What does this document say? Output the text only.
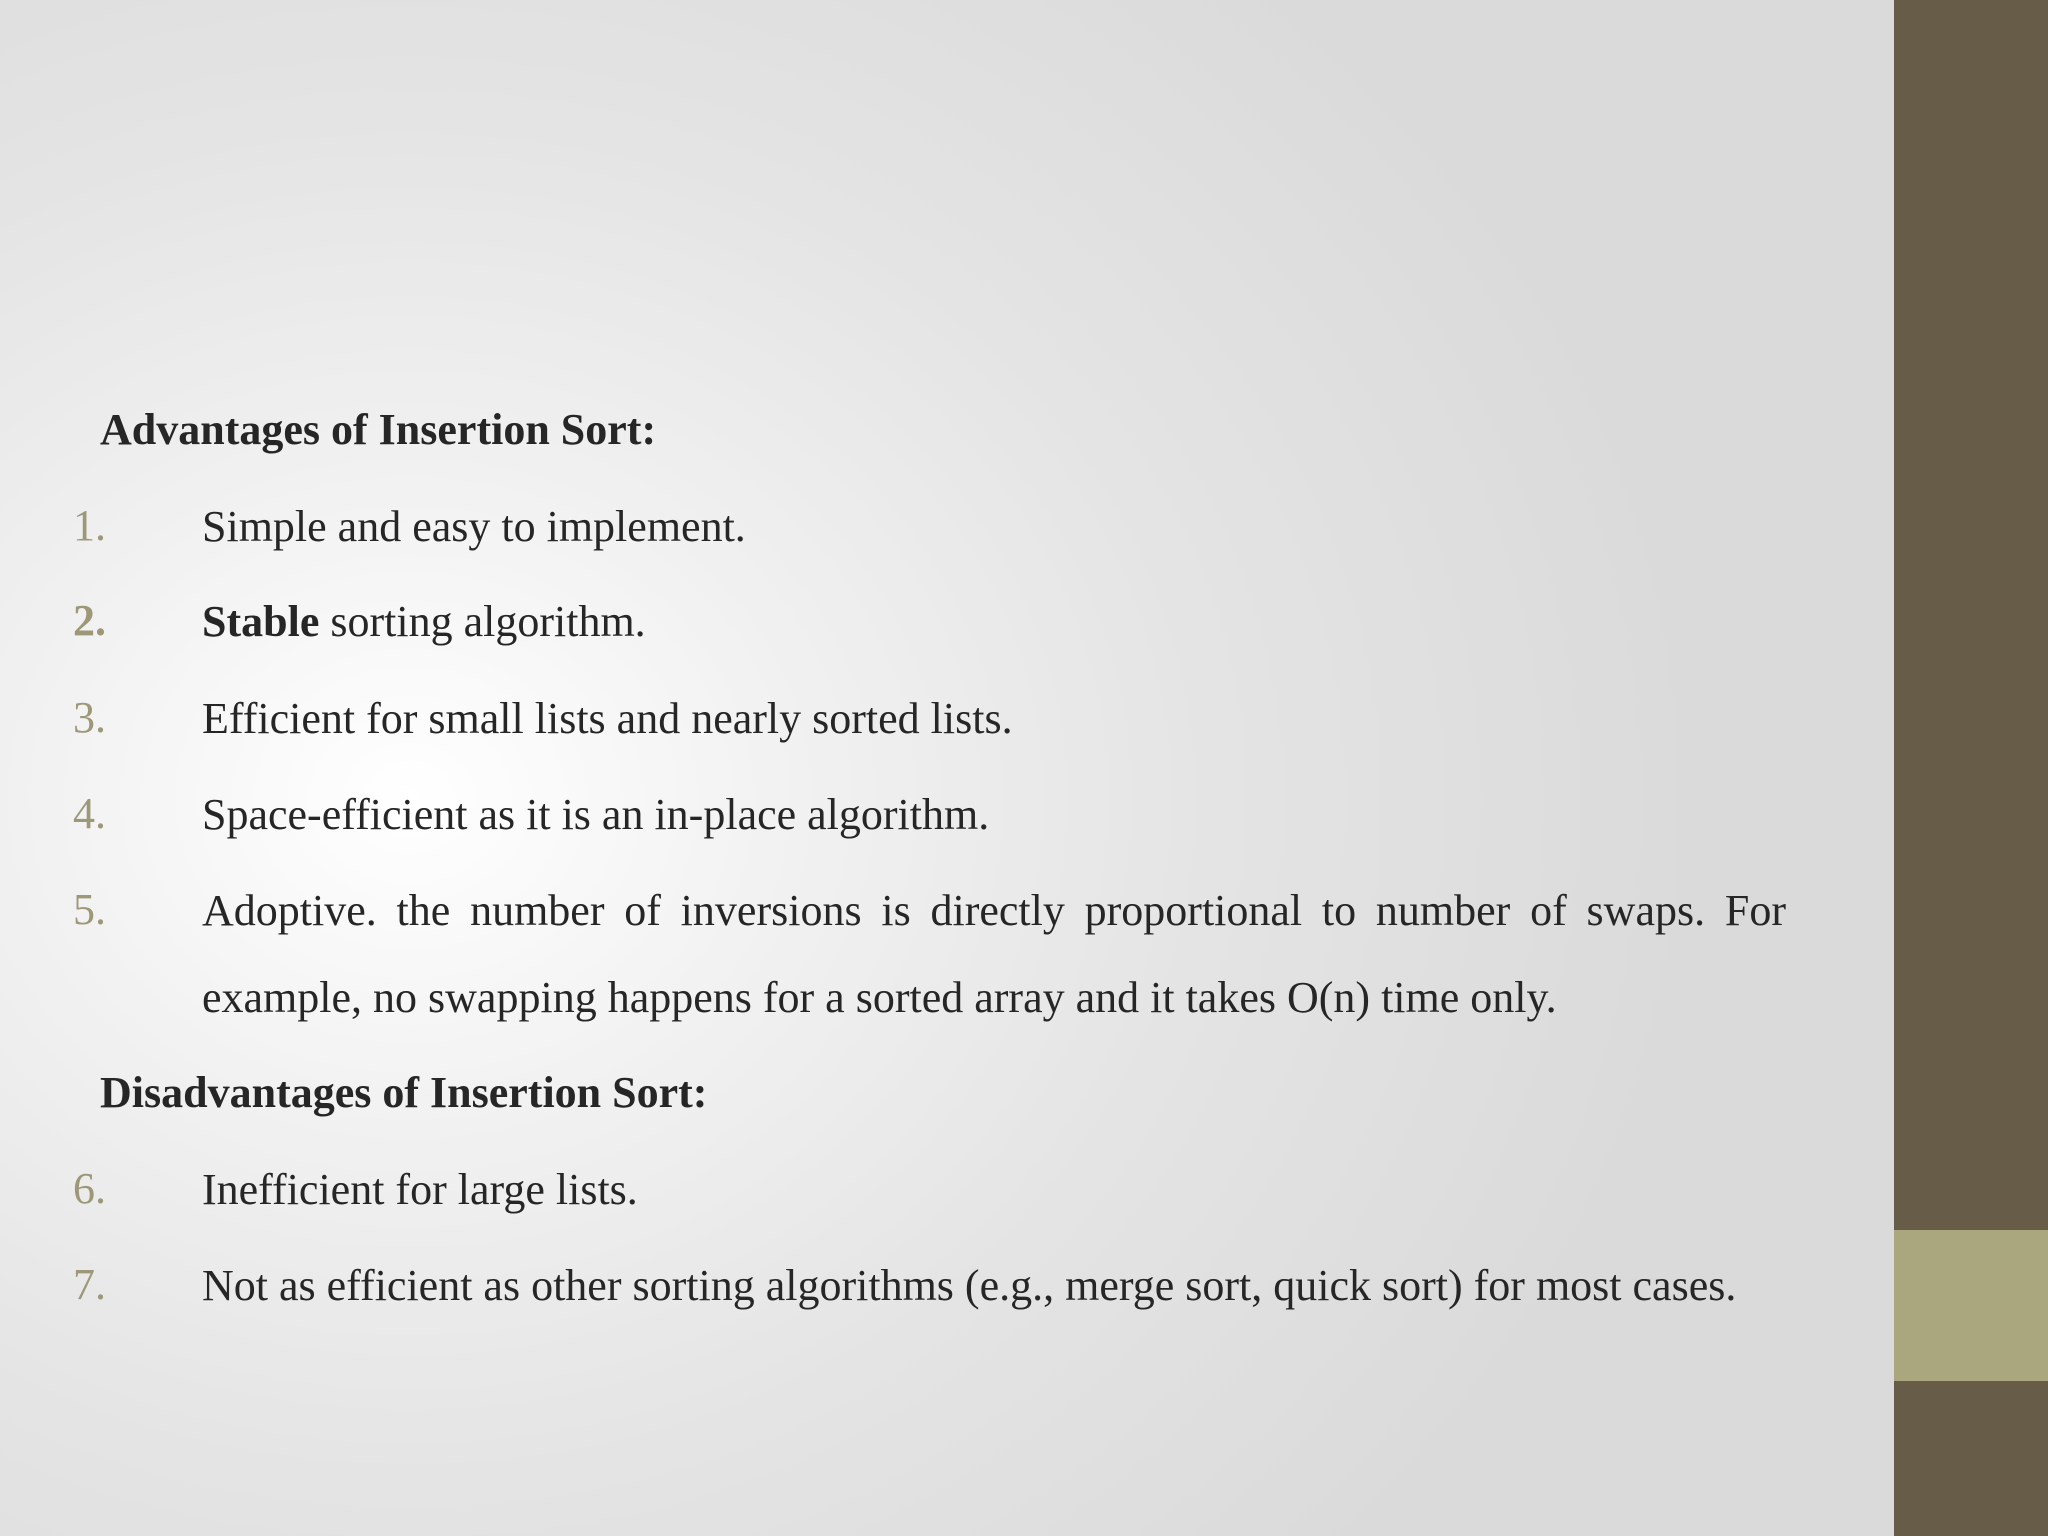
Advantages of Insertion Sort:
1. Simple and easy to implement.
2. Stable sorting algorithm.
3. Efficient for small lists and nearly sorted lists.
4. Space-efficient as it is an in-place algorithm.
5. Adoptive. the number of inversions is directly proportional to number of swaps. For example, no swapping happens for a sorted array and it takes O(n) time only.
Disadvantages of Insertion Sort:
6. Inefficient for large lists.
7. Not as efficient as other sorting algorithms (e.g., merge sort, quick sort) for most cases.
